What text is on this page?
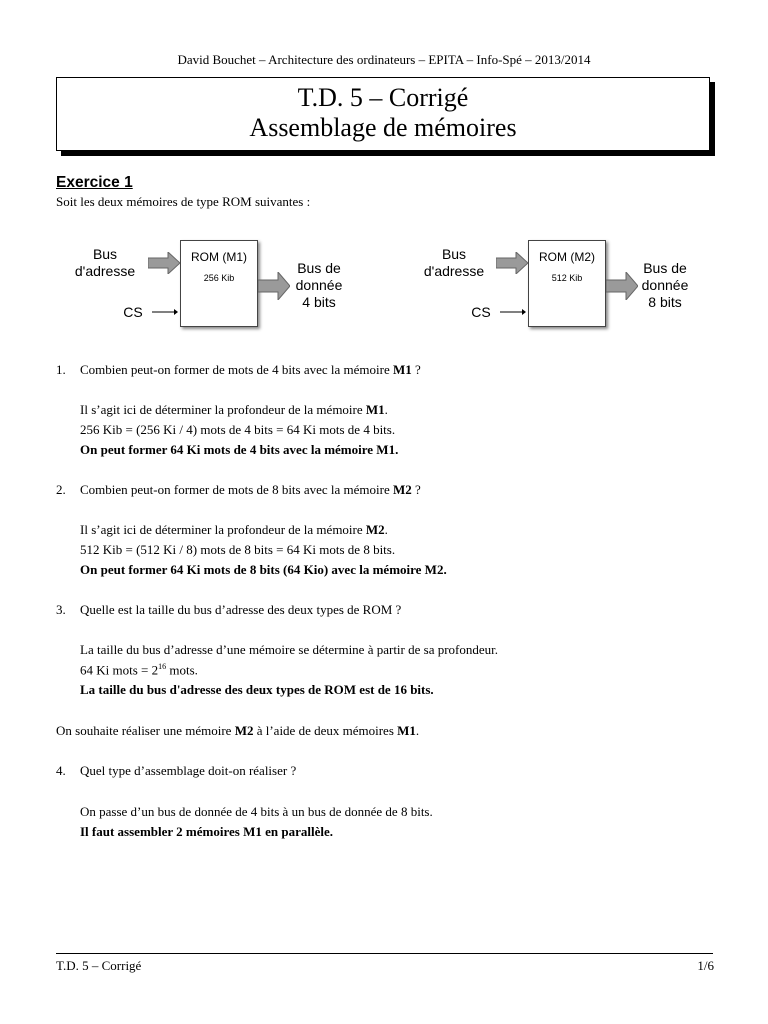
David Bouchet – Architecture des ordinateurs – EPITA – Info-Spé – 2013/2014
T.D. 5 – Corrigé
Assemblage de mémoires
Exercice 1
Soit les deux mémoires de type ROM suivantes :
Bus
d'adresse
CS
ROM (M1)
256 Kib
Bus de
donnée
4 bits
Bus
d'adresse
CS
ROM (M2)
512 Kib
Bus de
donnée
8 bits
1. Combien peut-on former de mots de 4 bits avec la mémoire M1 ?
Il s’agit ici de déterminer la profondeur de la mémoire M1.
256 Kib = (256 Ki / 4) mots de 4 bits = 64 Ki mots de 4 bits.
On peut former 64 Ki mots de 4 bits avec la mémoire M1.
2. Combien peut-on former de mots de 8 bits avec la mémoire M2 ?
Il s’agit ici de déterminer la profondeur de la mémoire M2.
512 Kib = (512 Ki / 8) mots de 8 bits = 64 Ki mots de 8 bits.
On peut former 64 Ki mots de 8 bits (64 Kio) avec la mémoire M2.
3. Quelle est la taille du bus d’adresse des deux types de ROM ?
La taille du bus d’adresse d’une mémoire se détermine à partir de sa profondeur.
64 Ki mots = $2^{16}$ mots.
La taille du bus d'adresse des deux types de ROM est de 16 bits.
On souhaite réaliser une mémoire M2 à l’aide de deux mémoires M1.
4. Quel type d’assemblage doit-on réaliser ?
On passe d’un bus de donnée de 4 bits à un bus de donnée de 8 bits.
Il faut assembler 2 mémoires M1 en parallèle.
T.D. 5 – Corrigé	1/6
